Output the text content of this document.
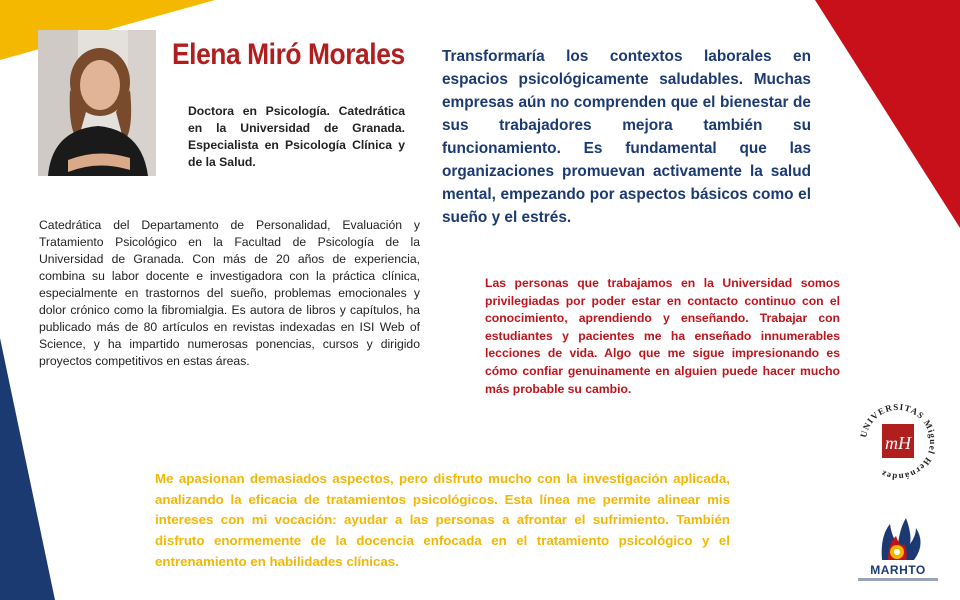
Elena Miró Morales

Doctora en Psicología. Catedrática en la Universidad de Granada. Especialista en Psicología Clínica y de la Salud.

Catedrática del Departamento de Personalidad, Evaluación y Tratamiento Psicológico en la Facultad de Psicología de la Universidad de Granada. Con más de 20 años de experiencia, combina su labor docente e investigadora con la práctica clínica, especialmente en trastornos del sueño, problemas emocionales y dolor crónico como la fibromialgia. Es autora de libros y capítulos, ha publicado más de 80 artículos en revistas indexadas en ISI Web of Science, y ha impartido numerosas ponencias, cursos y dirigido proyectos competitivos en estas áreas.

Transformaría los contextos laborales en espacios psicológicamente saludables. Muchas empresas aún no comprenden que el bienestar de sus trabajadores mejora también su funcionamiento. Es fundamental que las organizaciones promuevan activamente la salud mental, empezando por aspectos básicos como el sueño y el estrés.

Las personas que trabajamos en la Universidad somos privilegiadas por poder estar en contacto continuo con el conocimiento, aprendiendo y enseñando. Trabajar con estudiantes y pacientes me ha enseñado innumerables lecciones de vida. Algo que me sigue impresionando es cómo confiar genuinamente en alguien puede hacer mucho más probable su cambio.

Me apasionan demasiados aspectos, pero disfruto mucho con la investigación aplicada, analizando la eficacia de tratamientos psicológicos. Esta línea me permite alinear mis intereses con mi vocación: ayudar a las personas a afrontar el sufrimiento. También disfruto enormemente de la docencia enfocada en el tratamiento psicológico y el entrenamiento en habilidades clínicas.

UNIVERSITAS Miguel Hernández
mH

MARHTO
